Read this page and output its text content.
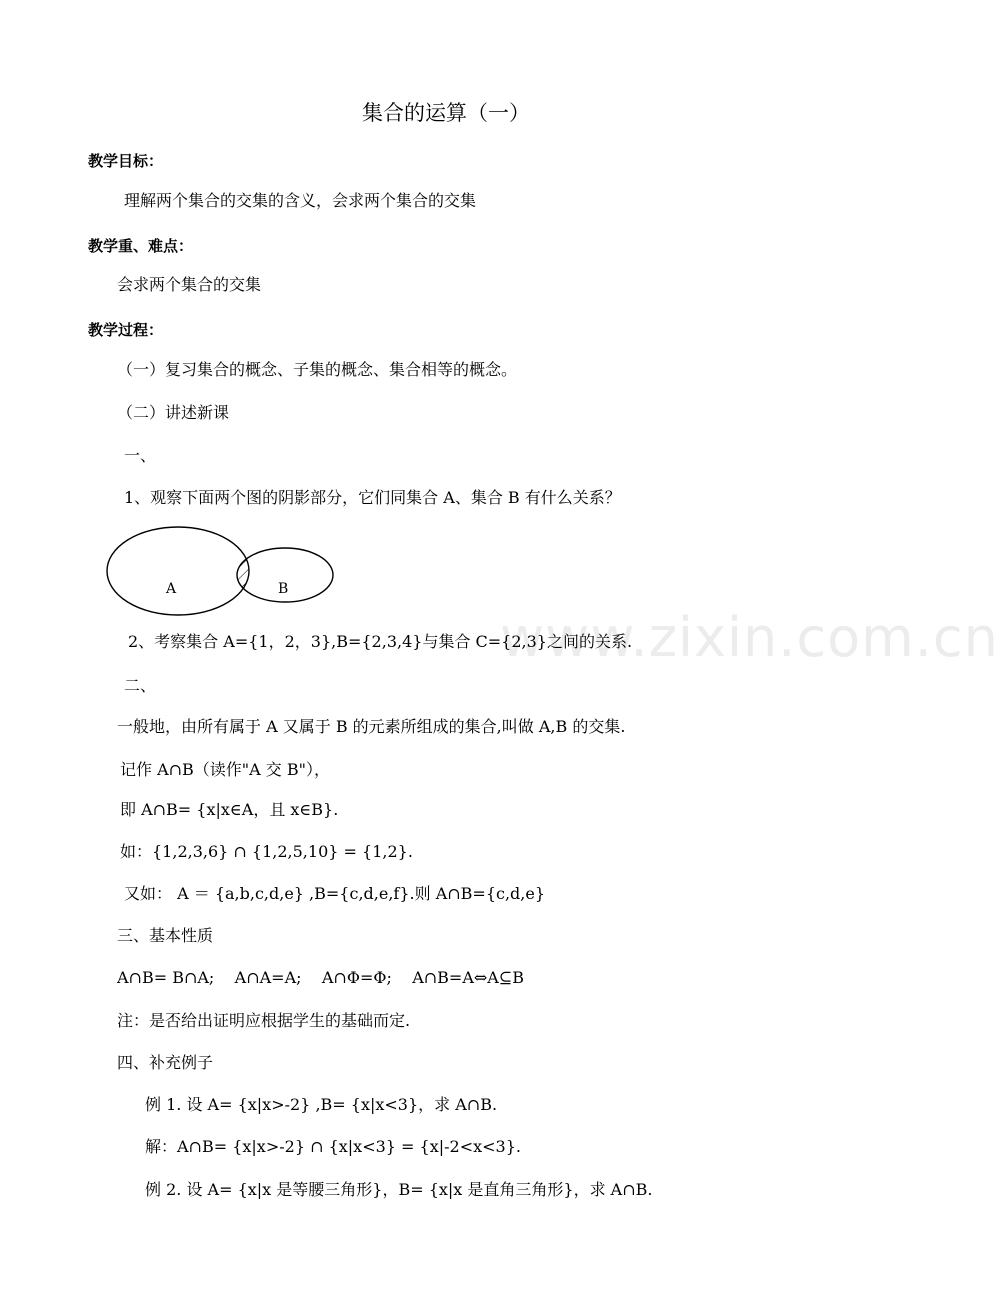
www.zixin.com.cn
集合的运算（一）
教学目标：
理解两个集合的交集的含义，会求两个集合的交集
教学重、难点：
会求两个集合的交集
教学过程：
（一）复习集合的概念、子集的概念、集合相等的概念。
（二）讲述新课
一、
1、观察下面两个图的阴影部分，它们同集合 A、集合 B 有什么关系？
A	B
2、考察集合 A={1，2，3},B={2,3,4}与集合 C={2,3}之间的关系.
二、
一般地，由所有属于 A 又属于 B 的元素所组成的集合,叫做 A,B 的交集.
记作 A∩B（读作"A 交 B"），
即 A∩B= {x|x∈A，且 x∈B}.
如：{1,2,3,6} ∩ {1,2,5,10} = {1,2}.
又如： A ＝ {a,b,c,d,e} ,B={c,d,e,f}.则 A∩B={c,d,e}
三、基本性质
A∩B= B∩A;    A∩A=A;    A∩Φ=Φ;    A∩B=A⇔A⊆B
注：是否给出证明应根据学生的基础而定.
四、补充例子
例 1. 设 A= {x|x>-2} ,B= {x|x<3}，求 A∩B.
解：A∩B= {x|x>-2} ∩ {x|x<3} = {x|-2<x<3}.
例 2. 设 A= {x|x 是等腰三角形}，B= {x|x 是直角三角形}，求 A∩B.
